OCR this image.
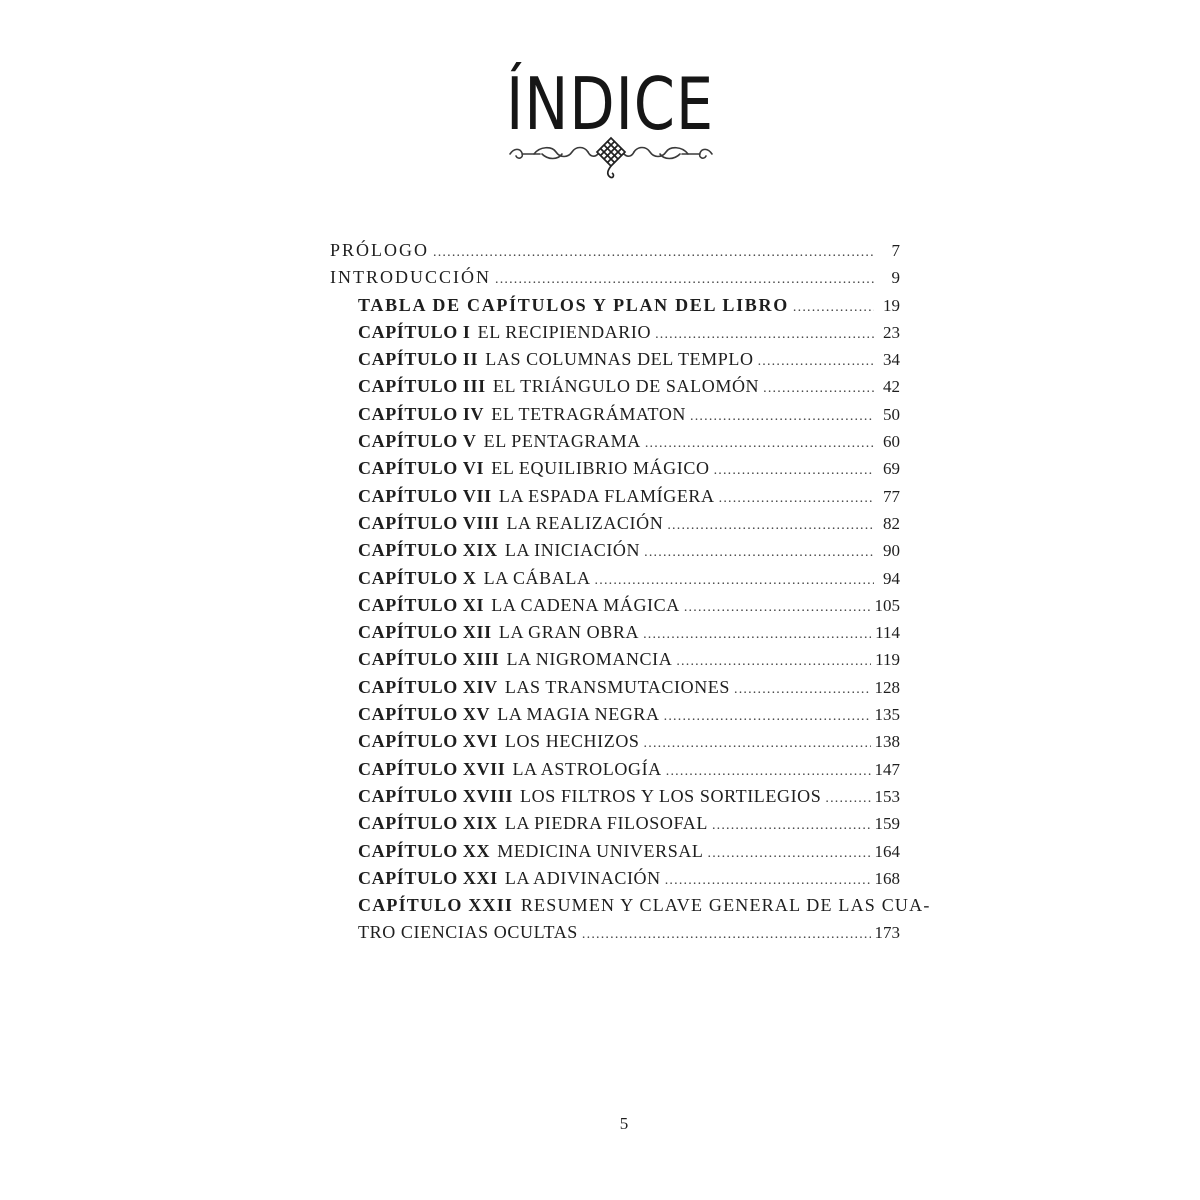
ÍNDICE
PRÓLOGO .....	7
INTRODUCCIÓN .....	9
TABLA DE CAPÍTULOS Y PLAN DEL LIBRO .....	19
CAPÍTULO I EL RECIPIENDARIO .....	23
CAPÍTULO II LAS COLUMNAS DEL TEMPLO .....	34
CAPÍTULO III EL TRIÁNGULO DE SALOMÓN .....	42
CAPÍTULO IV EL TETRAGRÁMATON .....	50
CAPÍTULO V EL PENTAGRAMA .....	60
CAPÍTULO VI EL EQUILIBRIO MÁGICO .....	69
CAPÍTULO VII LA ESPADA FLAMÍGERA .....	77
CAPÍTULO VIII LA REALIZACIÓN .....	82
CAPÍTULO XIX LA INICIACIÓN .....	90
CAPÍTULO X LA CÁBALA .....	94
CAPÍTULO XI LA CADENA MÁGICA .....	105
CAPÍTULO XII LA GRAN OBRA .....	114
CAPÍTULO XIII LA NIGROMANCIA .....	119
CAPÍTULO XIV LAS TRANSMUTACIONES .....	128
CAPÍTULO XV LA MAGIA NEGRA .....	135
CAPÍTULO XVI LOS HECHIZOS .....	138
CAPÍTULO XVII LA ASTROLOGÍA .....	147
CAPÍTULO XVIII LOS FILTROS Y LOS SORTILEGIOS .....	153
CAPÍTULO XIX LA PIEDRA FILOSOFAL .....	159
CAPÍTULO XX MEDICINA UNIVERSAL .....	164
CAPÍTULO XXI LA ADIVINACIÓN .....	168
CAPÍTULO XXII RESUMEN Y CLAVE GENERAL DE LAS CUA-
TRO CIENCIAS OCULTAS .....	173
5
